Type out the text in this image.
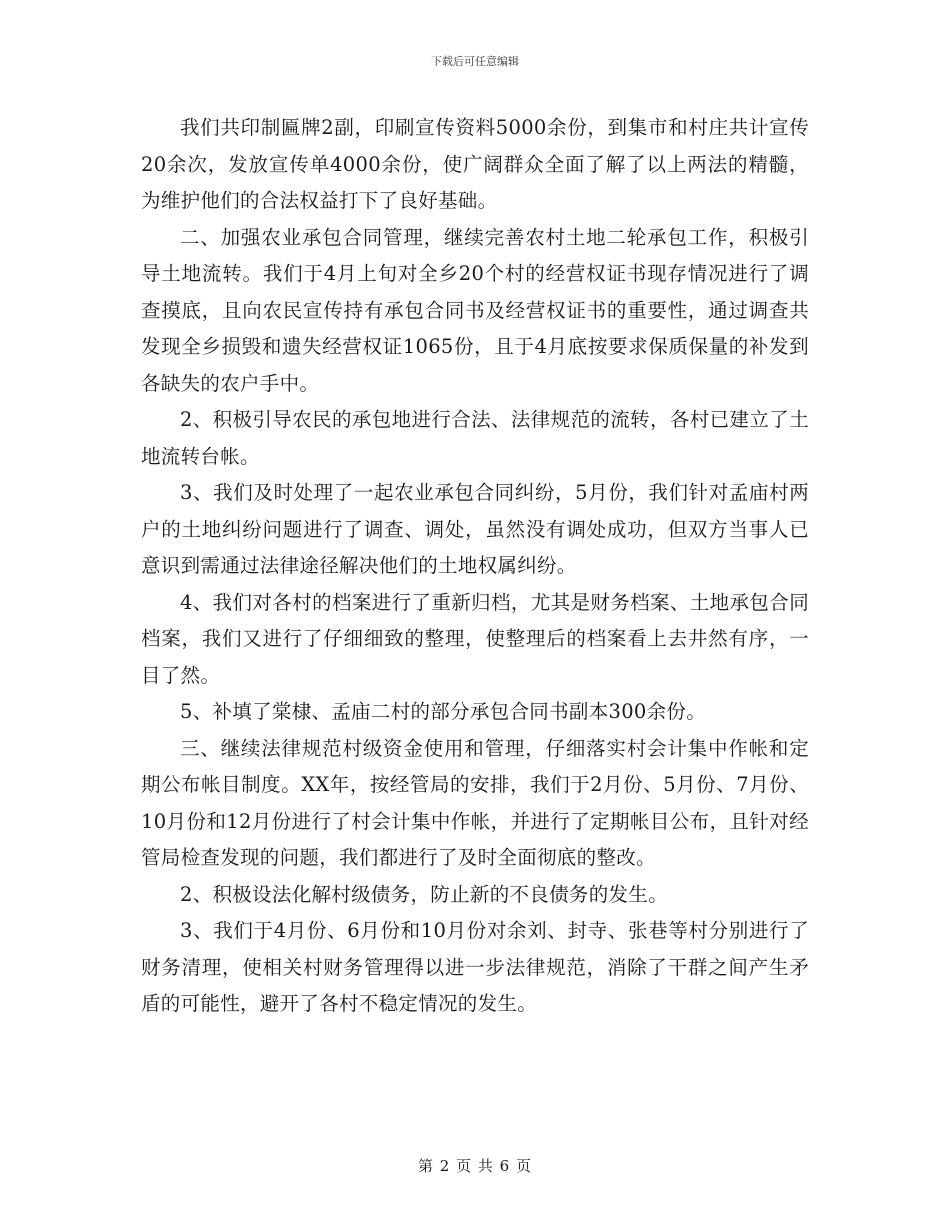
下载后可任意编辑

我们共印制匾牌2副，印刷宣传资料5000余份，到集市和村庄共计宣传20余次，发放宣传单4000余份，使广阔群众全面了解了以上两法的精髓，为维护他们的合法权益打下了良好基础。

二、加强农业承包合同管理，继续完善农村土地二轮承包工作，积极引导土地流转。我们于4月上旬对全乡20个村的经营权证书现存情况进行了调查摸底，且向农民宣传持有承包合同书及经营权证书的重要性，通过调查共发现全乡损毁和遗失经营权证1065份，且于4月底按要求保质保量的补发到各缺失的农户手中。

2、积极引导农民的承包地进行合法、法律规范的流转，各村已建立了土地流转台帐。

3、我们及时处理了一起农业承包合同纠纷，5月份，我们针对孟庙村两户的土地纠纷问题进行了调查、调处，虽然没有调处成功，但双方当事人已意识到需通过法律途径解决他们的土地权属纠纷。

4、我们对各村的档案进行了重新归档，尤其是财务档案、土地承包合同档案，我们又进行了仔细细致的整理，使整理后的档案看上去井然有序，一目了然。

5、补填了棠棣、孟庙二村的部分承包合同书副本300余份。

三、继续法律规范村级资金使用和管理，仔细落实村会计集中作帐和定期公布帐目制度。XX年，按经管局的安排，我们于2月份、5月份、7月份、10月份和12月份进行了村会计集中作帐，并进行了定期帐目公布，且针对经管局检查发现的问题，我们都进行了及时全面彻底的整改。

2、积极设法化解村级债务，防止新的不良债务的发生。

3、我们于4月份、6月份和10月份对余刘、封寺、张巷等村分别进行了财务清理，使相关村财务管理得以进一步法律规范，消除了干群之间产生矛盾的可能性，避开了各村不稳定情况的发生。

第 2 页 共 6 页
